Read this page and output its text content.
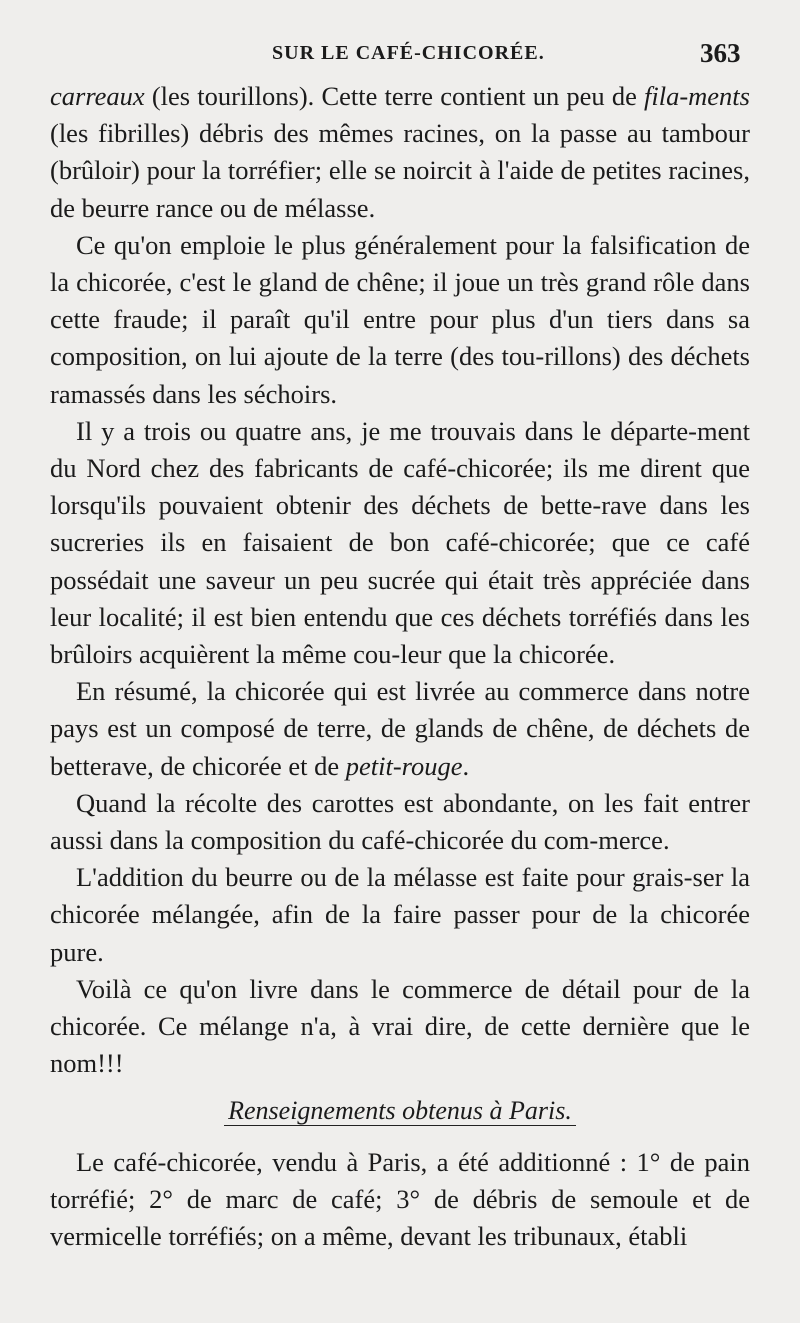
SUR LE CAFÉ-CHICORÉE.	363

carreaux (les tourillons). Cette terre contient un peu de fila-ments (les fibrilles) débris des mêmes racines, on la passe au tambour (brûloir) pour la torréfier; elle se noircit à l'aide de petites racines, de beurre rance ou de mélasse.

Ce qu'on emploie le plus généralement pour la falsification de la chicorée, c'est le gland de chêne; il joue un très grand rôle dans cette fraude; il paraît qu'il entre pour plus d'un tiers dans sa composition, on lui ajoute de la terre (des tou-rillons) des déchets ramassés dans les séchoirs.

Il y a trois ou quatre ans, je me trouvais dans le départe-ment du Nord chez des fabricants de café-chicorée; ils me dirent que lorsqu'ils pouvaient obtenir des déchets de bette-rave dans les sucreries ils en faisaient de bon café-chicorée; que ce café possédait une saveur un peu sucrée qui était très appréciée dans leur localité; il est bien entendu que ces déchets torréfiés dans les brûloirs acquièrent la même cou-leur que la chicorée.

En résumé, la chicorée qui est livrée au commerce dans notre pays est un composé de terre, de glands de chêne, de déchets de betterave, de chicorée et de petit-rouge.

Quand la récolte des carottes est abondante, on les fait entrer aussi dans la composition du café-chicorée du com-merce.

L'addition du beurre ou de la mélasse est faite pour grais-ser la chicorée mélangée, afin de la faire passer pour de la chicorée pure.

Voilà ce qu'on livre dans le commerce de détail pour de la chicorée. Ce mélange n'a, à vrai dire, de cette dernière que le nom!!!

Renseignements obtenus à Paris.

Le café-chicorée, vendu à Paris, a été additionné : 1° de pain torréfié; 2° de marc de café; 3° de débris de semoule et de vermicelle torréfiés; on a même, devant les tribunaux, établi
